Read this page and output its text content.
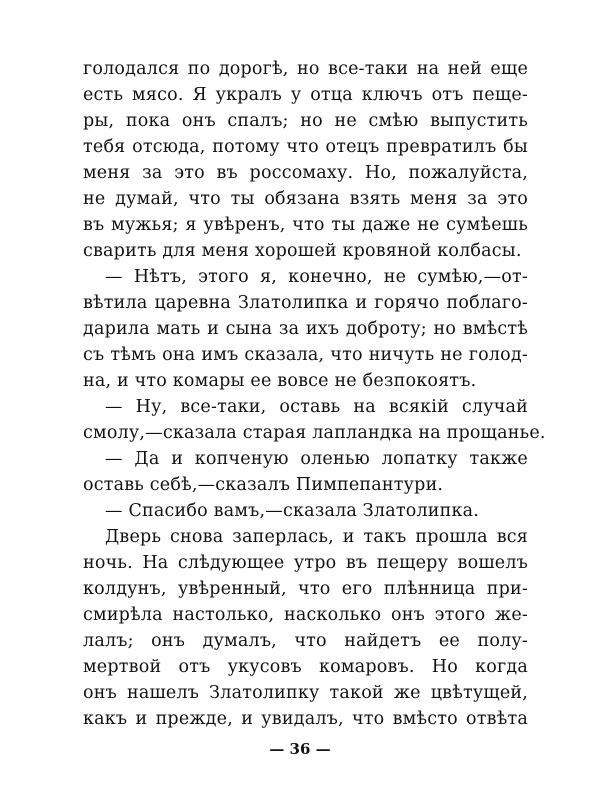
голодался по дорогѣ, но все-таки на ней еще
есть мясо. Я укралъ у отца ключъ отъ пеще-
ры, пока онъ спалъ; но не смѣю выпустить
тебя отсюда, потому что отецъ превратилъ бы
меня за это въ россомаху. Но, пожалуйста,
не думай, что ты обязана взять меня за это
въ мужья; я увѣренъ, что ты даже не сумѣешь
сварить для меня хорошей кровяной колбасы.
— Нѣтъ, этого я, конечно, не сумѣю,—от-
вѣтила царевна Златолипка и горячо поблаго-
дарила мать и сына за ихъ доброту; но вмѣстѣ
съ тѣмъ она имъ сказала, что ничуть не голод-
на, и что комары ее вовсе не безпокоятъ.
— Ну, все-таки, оставь на всякій случай
смолу,—сказала старая лапландка на прощанье.
— Да и копченую оленью лопатку также
оставь себѣ,—сказалъ Пимпепантури.
— Спасибо вамъ,—сказала Златолипка.
Дверь снова заперлась, и такъ прошла вся
ночь. На слѣдующее утро въ пещеру вошелъ
колдунъ, увѣренный, что его плѣнница при-
смирѣла настолько, насколько онъ этого же-
лалъ; онъ думалъ, что найдетъ ее полу-
мертвой отъ укусовъ комаровъ. Но когда
онъ нашелъ Златолипку такой же цвѣтущей,
какъ и прежде, и увидалъ, что вмѣсто отвѣта
— 36 —
